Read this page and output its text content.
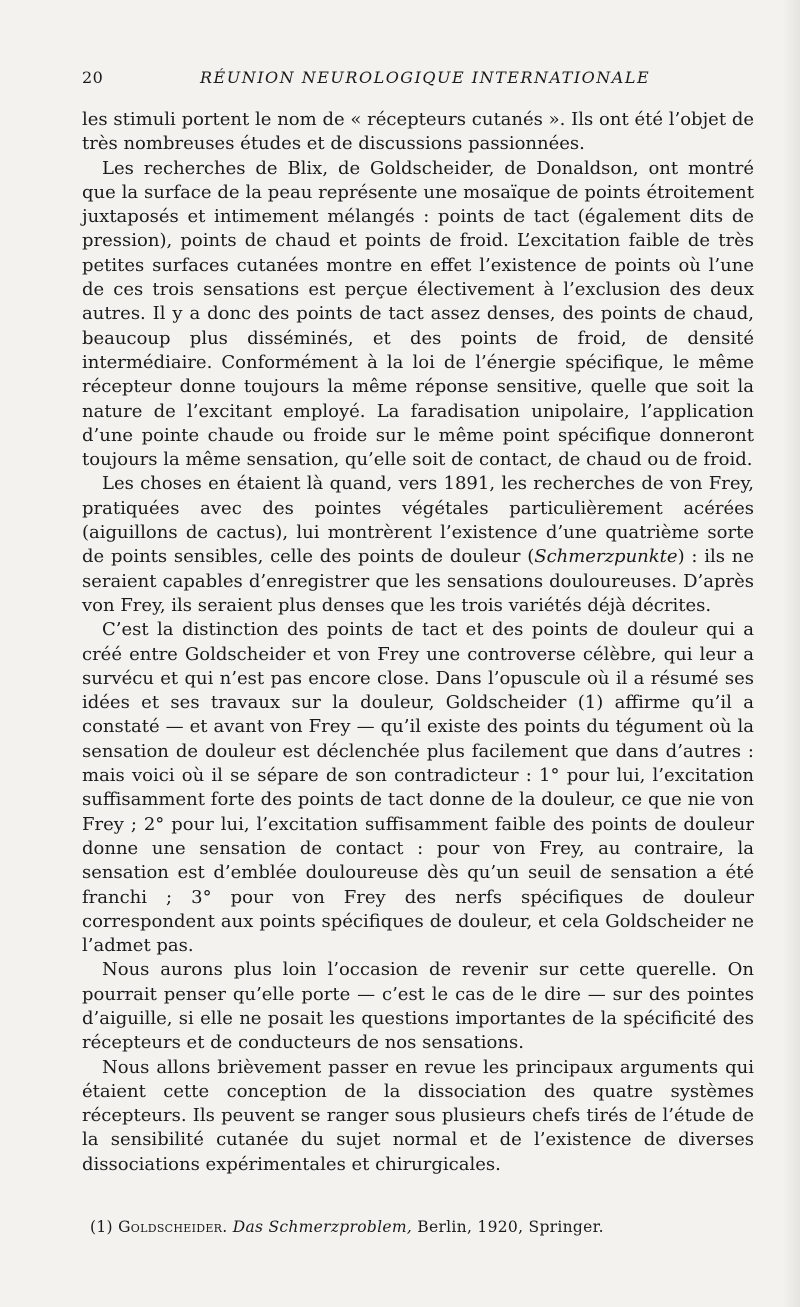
20	RÉUNION NEUROLOGIQUE INTERNATIONALE

les stimuli portent le nom de « récepteurs cutanés ». Ils ont été l’objet de très nombreuses études et de discussions passionnées.

Les recherches de Blix, de Goldscheider, de Donaldson, ont montré que la surface de la peau représente une mosaïque de points étroitement juxtaposés et intimement mélangés : points de tact (également dits de pression), points de chaud et points de froid. L’excitation faible de très petites surfaces cutanées montre en effet l’existence de points où l’une de ces trois sensations est perçue électivement à l’exclusion des deux autres. Il y a donc des points de tact assez denses, des points de chaud, beaucoup plus disséminés, et des points de froid, de densité intermédiaire. Conformément à la loi de l’énergie spécifique, le même récepteur donne toujours la même réponse sensitive, quelle que soit la nature de l’excitant employé. La faradisation unipolaire, l’application d’une pointe chaude ou froide sur le même point spécifique donneront toujours la même sensation, qu’elle soit de contact, de chaud ou de froid.

Les choses en étaient là quand, vers 1891, les recherches de von Frey, pratiquées avec des pointes végétales particulièrement acérées (aiguillons de cactus), lui montrèrent l’existence d’une quatrième sorte de points sensibles, celle des points de douleur (Schmerzpunkte) : ils ne seraient capables d’enregistrer que les sensations douloureuses. D’après von Frey, ils seraient plus denses que les trois variétés déjà décrites.

C’est la distinction des points de tact et des points de douleur qui a créé entre Goldscheider et von Frey une controverse célèbre, qui leur a survécu et qui n’est pas encore close. Dans l’opuscule où il a résumé ses idées et ses travaux sur la douleur, Goldscheider (1) affirme qu’il a constaté — et avant von Frey — qu’il existe des points du tégument où la sensation de douleur est déclenchée plus facilement que dans d’autres : mais voici où il se sépare de son contradicteur : 1° pour lui, l’excitation suffisamment forte des points de tact donne de la douleur, ce que nie von Frey ; 2° pour lui, l’excitation suffisamment faible des points de douleur donne une sensation de contact : pour von Frey, au contraire, la sensation est d’emblée douloureuse dès qu’un seuil de sensation a été franchi ; 3° pour von Frey des nerfs spécifiques de douleur correspondent aux points spécifiques de douleur, et cela Goldscheider ne l’admet pas.

Nous aurons plus loin l’occasion de revenir sur cette querelle. On pourrait penser qu’elle porte — c’est le cas de le dire — sur des pointes d’aiguille, si elle ne posait les questions importantes de la spécificité des récepteurs et de conducteurs de nos sensations.

Nous allons brièvement passer en revue les principaux arguments qui étaient cette conception de la dissociation des quatre systèmes récepteurs. Ils peuvent se ranger sous plusieurs chefs tirés de l’étude de la sensibilité cutanée du sujet normal et de l’existence de diverses dissociations expérimentales et chirurgicales.

(1) Goldscheider. Das Schmerzproblem, Berlin, 1920, Springer.
